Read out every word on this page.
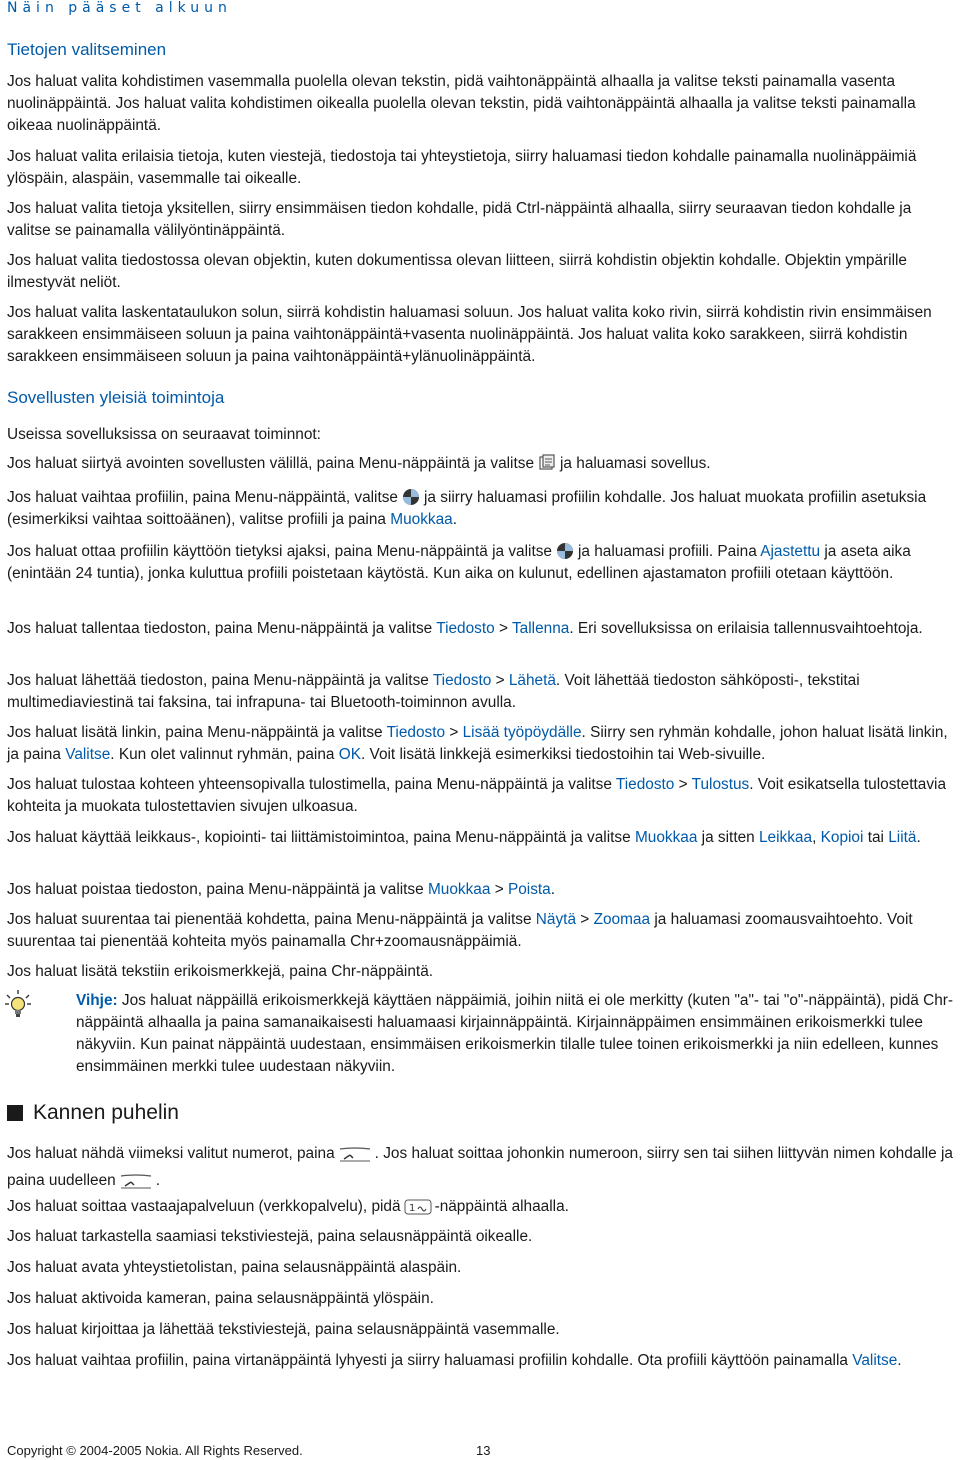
Näin pääset alkuun
Tietojen valitseminen

Jos haluat valita kohdistimen vasemmalla puolella olevan tekstin, pidä vaihtonäppäintä alhaalla ja valitse teksti painamalla vasenta nuolinäppäintä. Jos haluat valita kohdistimen oikealla puolella olevan tekstin, pidä vaihtonäppäintä alhaalla ja valitse teksti painamalla oikeaa nuolinäppäintä.

Jos haluat valita erilaisia tietoja, kuten viestejä, tiedostoja tai yhteystietoja, siirry haluamasi tiedon kohdalle painamalla nuolinäppäimiä ylöspäin, alaspäin, vasemmalle tai oikealle.

Jos haluat valita tietoja yksitellen, siirry ensimmäisen tiedon kohdalle, pidä Ctrl-näppäintä alhaalla, siirry seuraavan tiedon kohdalle ja valitse se painamalla välilyöntinäppäintä.

Jos haluat valita tiedostossa olevan objektin, kuten dokumentissa olevan liitteen, siirrä kohdistin objektin kohdalle. Objektin ympärille ilmestyvät neliöt.

Jos haluat valita laskentataulukon solun, siirrä kohdistin haluamasi soluun. Jos haluat valita koko rivin, siirrä kohdistin rivin ensimmäisen sarakkeen ensimmäiseen soluun ja paina vaihtonäppäintä+vasenta nuolinäppäintä. Jos haluat valita koko sarakkeen, siirrä kohdistin sarakkeen ensimmäiseen soluun ja paina vaihtonäppäintä+ylänuolinäppäintä.

Sovellusten yleisiä toimintoja

Useissa sovelluksissa on seuraavat toiminnot:

Jos haluat siirtyä avointen sovellusten välillä, paina Menu-näppäintä ja valitse ja haluamasi sovellus.

Jos haluat vaihtaa profiilin, paina Menu-näppäintä, valitse ja siirry haluamasi profiilin kohdalle. Jos haluat muokata profiilin asetuksia (esimerkiksi vaihtaa soittoäänen), valitse profiili ja paina Muokkaa.

Jos haluat ottaa profiilin käyttöön tietyksi ajaksi, paina Menu-näppäintä ja valitse ja haluamasi profiili. Paina Ajastettu ja aseta aika (enintään 24 tuntia), jonka kuluttua profiili poistetaan käytöstä. Kun aika on kulunut, edellinen ajastamaton profiili otetaan käyttöön.

Jos haluat tallentaa tiedoston, paina Menu-näppäintä ja valitse Tiedosto > Tallenna. Eri sovelluksissa on erilaisia tallennusvaihtoehtoja.

Jos haluat lähettää tiedoston, paina Menu-näppäintä ja valitse Tiedosto > Lähetä. Voit lähettää tiedoston sähköposti-, tekstitai multimediaviestinä tai faksina, tai infrapuna- tai Bluetooth-toiminnon avulla.

Jos haluat lisätä linkin, paina Menu-näppäintä ja valitse Tiedosto > Lisää työpöydälle. Siirry sen ryhmän kohdalle, johon haluat lisätä linkin, ja paina Valitse. Kun olet valinnut ryhmän, paina OK. Voit lisätä linkkejä esimerkiksi tiedostoihin tai Web-sivuille.

Jos haluat tulostaa kohteen yhteensopivalla tulostimella, paina Menu-näppäintä ja valitse Tiedosto > Tulostus. Voit esikatsella tulostettavia kohteita ja muokata tulostettavien sivujen ulkoasua.

Jos haluat käyttää leikkaus-, kopiointi- tai liittämistoimintoa, paina Menu-näppäintä ja valitse Muokkaa ja sitten Leikkaa, Kopioi tai Liitä.

Jos haluat poistaa tiedoston, paina Menu-näppäintä ja valitse Muokkaa > Poista.

Jos haluat suurentaa tai pienentää kohdetta, paina Menu-näppäintä ja valitse Näytä > Zoomaa ja haluamasi zoomausvaihtoehto. Voit suurentaa tai pienentää kohteita myös painamalla Chr+zoomausnäppäimiä.

Jos haluat lisätä tekstiin erikoismerkkejä, paina Chr-näppäintä.

Vihje: Jos haluat näppäillä erikoismerkkejä käyttäen näppäimiä, joihin niitä ei ole merkitty (kuten "a"- tai "o"-näppäintä), pidä Chr-näppäintä alhaalla ja paina samanaikaisesti haluamaasi kirjainnäppäintä. Kirjainnäppäimen ensimmäinen erikoismerkki tulee näkyviin. Kun painat näppäintä uudestaan, ensimmäisen erikoismerkin tilalle tulee toinen erikoismerkki ja niin edelleen, kunnes ensimmäinen merkki tulee uudestaan näkyviin.

Kannen puhelin

Jos haluat nähdä viimeksi valitut numerot, paina	. Jos haluat soittaa johonkin numeroon, siirry sen tai siihen liittyvän nimen kohdalle ja paina uudelleen	.

Jos haluat soittaa vastaajapalveluun (verkkopalvelu), pidä 1 -näppäintä alhaalla.

Jos haluat tarkastella saamiasi tekstiviestejä, paina selausnäppäintä oikealle.

Jos haluat avata yhteystietolistan, paina selausnäppäintä alaspäin.

Jos haluat aktivoida kameran, paina selausnäppäintä ylöspäin.

Jos haluat kirjoittaa ja lähettää tekstiviestejä, paina selausnäppäintä vasemmalle.

Jos haluat vaihtaa profiilin, paina virtanäppäintä lyhyesti ja siirry haluamasi profiilin kohdalle. Ota profiili käyttöön painamalla Valitse.

Copyright © 2004-2005 Nokia. All Rights Reserved.	13
